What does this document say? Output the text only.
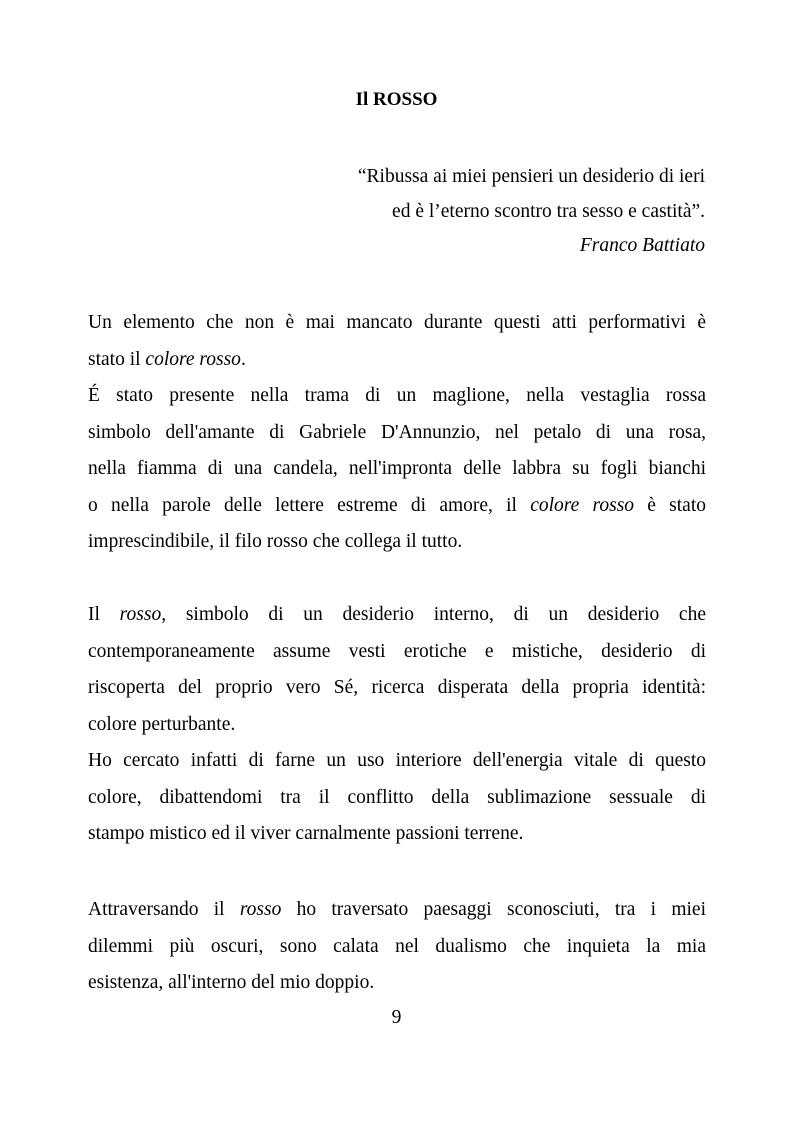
Il ROSSO
“Ribussa ai miei pensieri un desiderio di ieri
ed è l’eterno scontro tra sesso e castità”.
Franco Battiato
Un elemento che non è mai mancato durante questi atti performativi è
stato il colore rosso.
É stato presente nella trama di un maglione, nella vestaglia rossa
simbolo dell'amante di Gabriele D'Annunzio, nel petalo di una rosa,
nella fiamma di una candela, nell'impronta delle labbra su fogli bianchi
o nella parole delle lettere estreme di amore, il colore rosso è stato
imprescindibile, il filo rosso che collega il tutto.
Il rosso, simbolo di un desiderio interno, di un desiderio che
contemporaneamente assume vesti erotiche e mistiche, desiderio di
riscoperta del proprio vero Sé, ricerca disperata della propria identità:
colore perturbante.
Ho cercato infatti di farne un uso interiore dell'energia vitale di questo
colore, dibattendomi tra il conflitto della sublimazione sessuale di
stampo mistico ed il viver carnalmente passioni terrene.
Attraversando il rosso ho traversato paesaggi sconosciuti, tra i miei
dilemmi più oscuri, sono calata nel dualismo che inquieta la mia
esistenza, all'interno del mio doppio.
9
